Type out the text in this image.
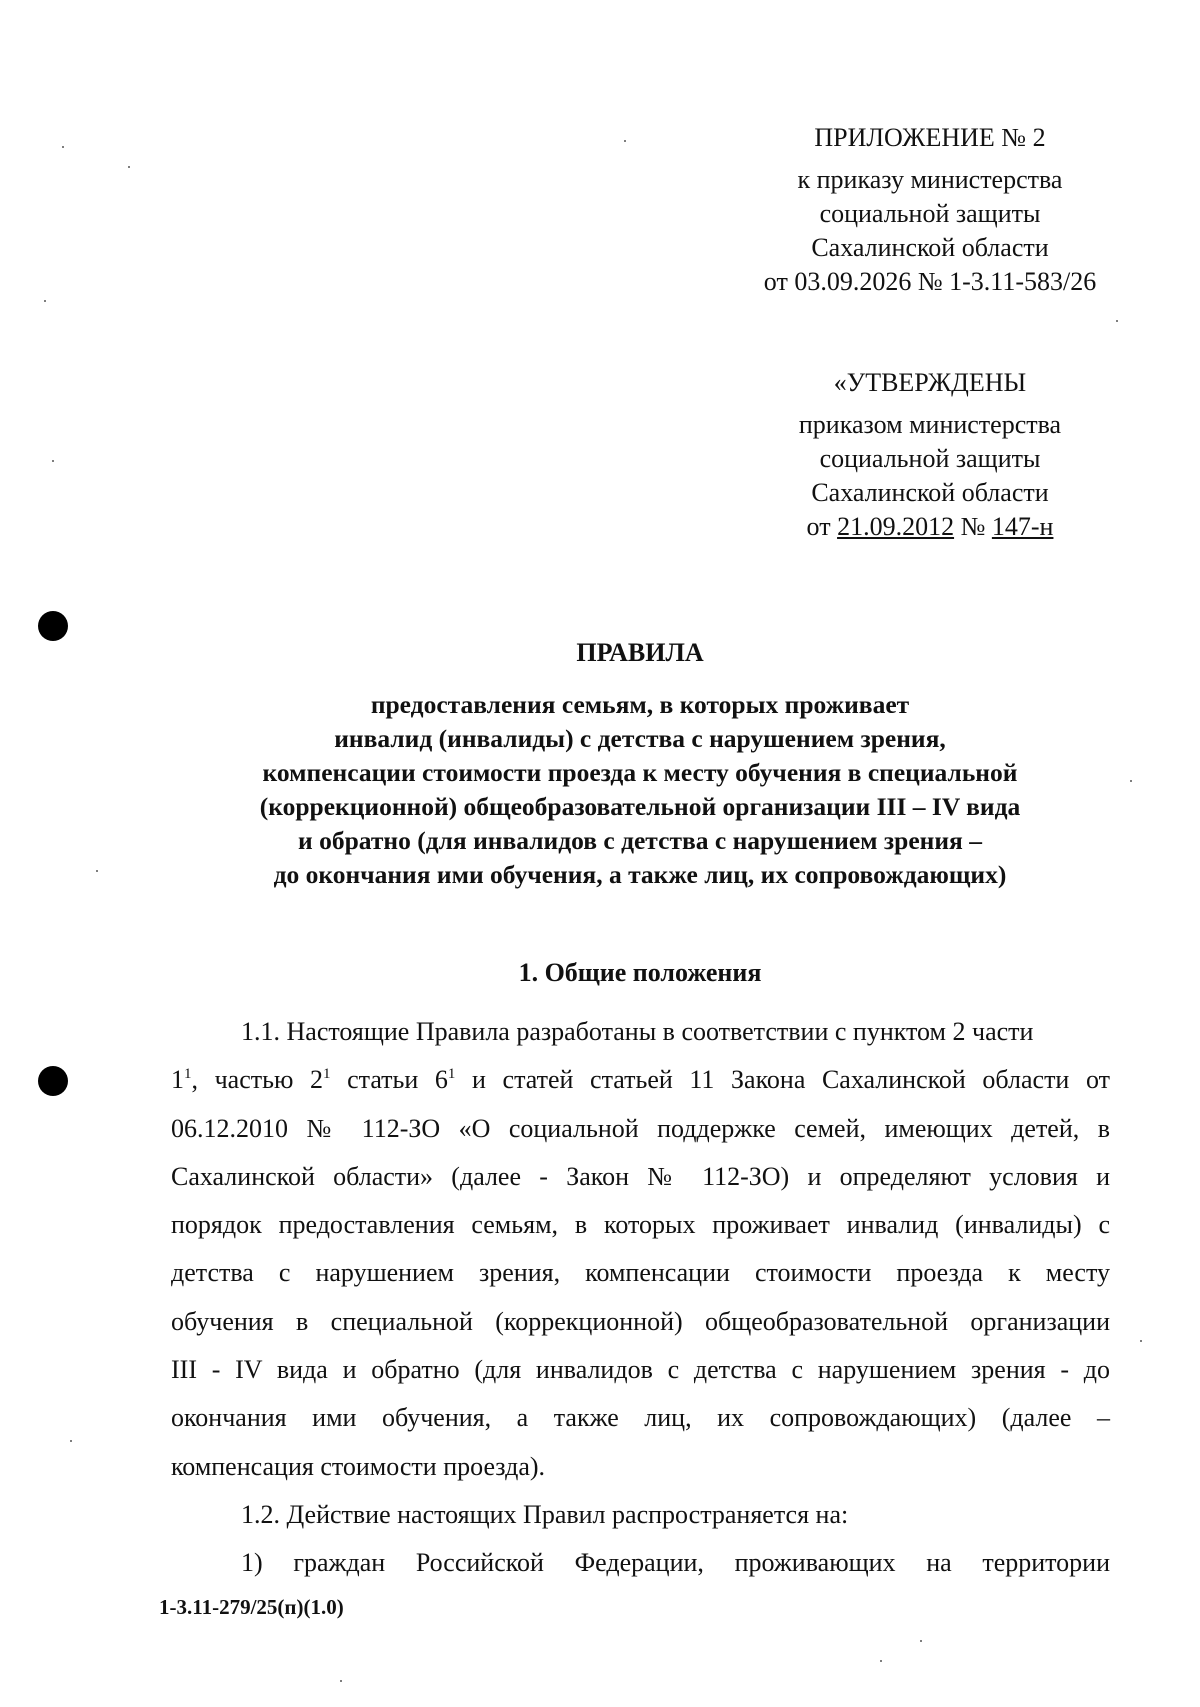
ПРИЛОЖЕНИЕ № 2
к приказу министерства
социальной защиты
Сахалинской области
от 03.09.2026 № 1-3.11-583/26
«УТВЕРЖДЕНЫ
приказом министерства
социальной защиты
Сахалинской области
от 21.09.2012 № 147-н
ПРАВИЛА
предоставления семьям, в которых проживает
инвалид (инвалиды) с детства с нарушением зрения,
компенсации стоимости проезда к месту обучения в специальной
(коррекционной) общеобразовательной организации III – IV вида
и обратно (для инвалидов с детства с нарушением зрения –
до окончания ими обучения, а также лиц, их сопровождающих)
1. Общие положения
1.1. Настоящие Правила разработаны в соответствии с пунктом 2 части
$1^1$, частью $2^1$ статьи $6^1$ и статей статьей 11 Закона Сахалинской области от
06.12.2010 № 112-ЗО «О социальной поддержке семей, имеющих детей, в
Сахалинской области» (далее - Закон № 112-ЗО) и определяют условия и
порядок предоставления семьям, в которых проживает инвалид (инвалиды) с
детства с нарушением зрения, компенсации стоимости проезда к месту
обучения в специальной (коррекционной) общеобразовательной организации
III - IV вида и обратно (для инвалидов с детства с нарушением зрения - до
окончания ими обучения, а также лиц, их сопровождающих) (далее –
компенсация стоимости проезда).
1.2. Действие настоящих Правил распространяется на:
1) граждан Российской Федерации, проживающих на территории
1-3.11-279/25(п)(1.0)
